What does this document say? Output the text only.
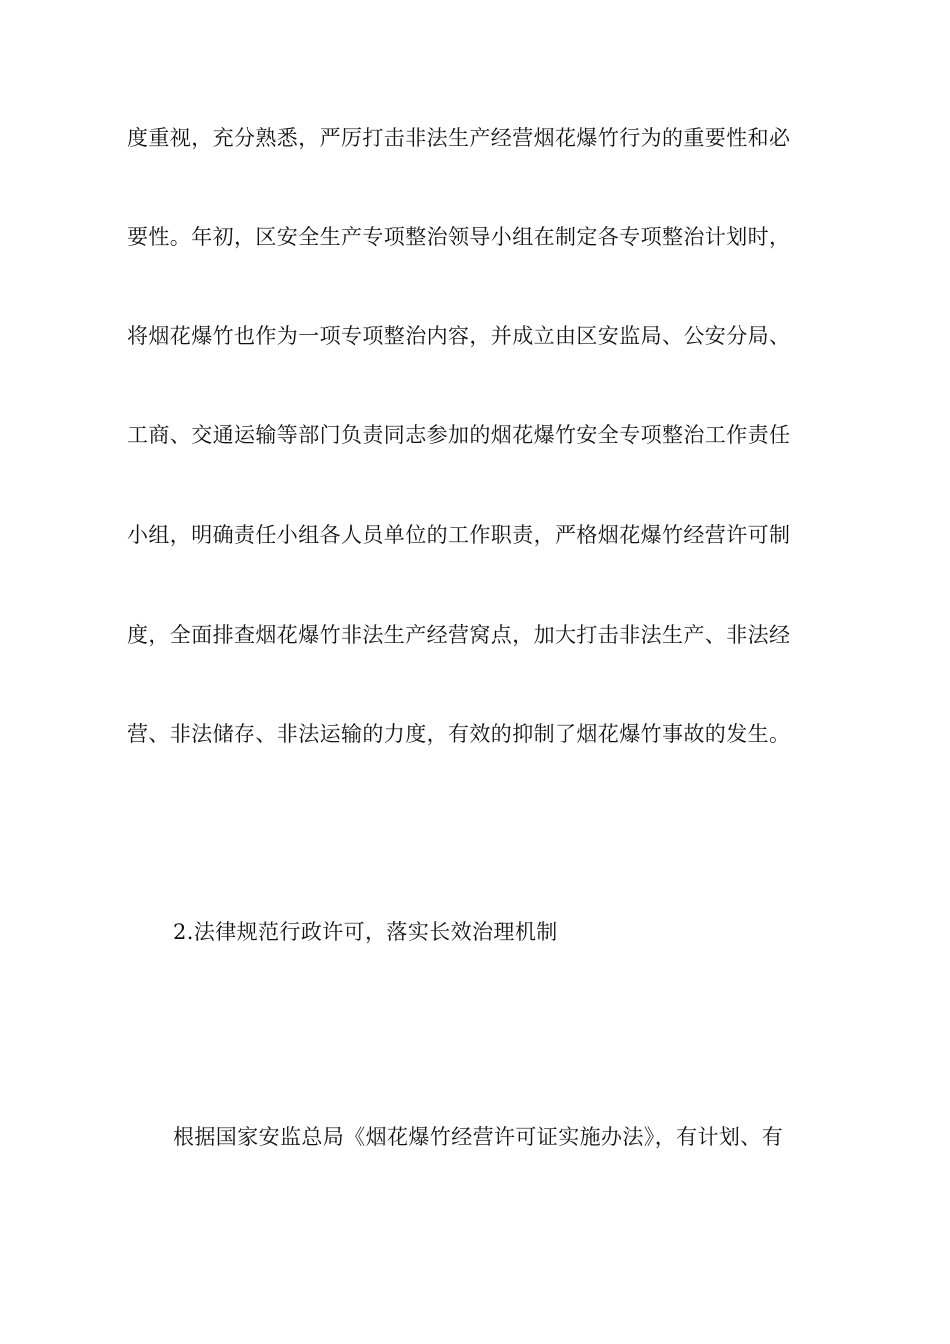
度重视，充分熟悉，严厉打击非法生产经营烟花爆竹行为的重要性和必
要性。年初，区安全生产专项整治领导小组在制定各专项整治计划时，
将烟花爆竹也作为一项专项整治内容，并成立由区安监局、公安分局、
工商、交通运输等部门负责同志参加的烟花爆竹安全专项整治工作责任
小组，明确责任小组各人员单位的工作职责，严格烟花爆竹经营许可制
度，全面排查烟花爆竹非法生产经营窝点，加大打击非法生产、非法经
营、非法储存、非法运输的力度，有效的抑制了烟花爆竹事故的发生。
2.法律规范行政许可，落实长效治理机制
根据国家安监总局《烟花爆竹经营许可证实施办法》，有计划、有
